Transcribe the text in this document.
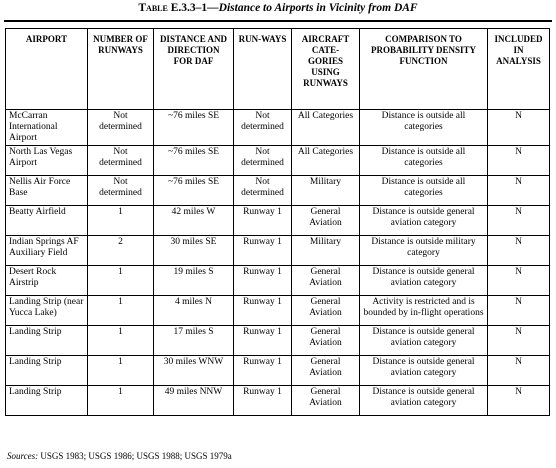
Table E.3.3–1—Distance to Airports in Vicinity from DAF
AIRPORT	NUMBER OF RUNWAYS	DISTANCE AND DIRECTION FOR DAF	RUN-WAYS	AIRCRAFT CATE-GORIES USING RUNWAYS	COMPARISON TO PROBABILITY DENSITY FUNCTION	INCLUDED IN ANALYSIS
McCarran International Airport	Not determined	~76 miles SE	Not determined	All Categories	Distance is outside all categories	N
North Las Vegas Airport	Not determined	~76 miles SE	Not determined	All Categories	Distance is outside all categories	N
Nellis Air Force Base	Not determined	~76 miles SE	Not determined	Military	Distance is outside all categories	N
Beatty Airfield	1	42 miles W	Runway 1	General Aviation	Distance is outside general aviation category	N
Indian Springs AF Auxiliary Field	2	30 miles SE	Runway 1	Military	Distance is outside military category	N
Desert Rock Airstrip	1	19 miles S	Runway 1	General Aviation	Distance is outside general aviation category	N
Landing Strip (near Yucca Lake)	1	4 miles N	Runway 1	General Aviation	Activity is restricted and is bounded by in-flight operations	N
Landing Strip	1	17 miles S	Runway 1	General Aviation	Distance is outside general aviation category	N
Landing Strip	1	30 miles WNW	Runway 1	General Aviation	Distance is outside general aviation category	N
Landing Strip	1	49 miles NNW	Runway 1	General Aviation	Distance is outside general aviation category	N
Sources: USGS 1983; USGS 1986; USGS 1988; USGS 1979a
